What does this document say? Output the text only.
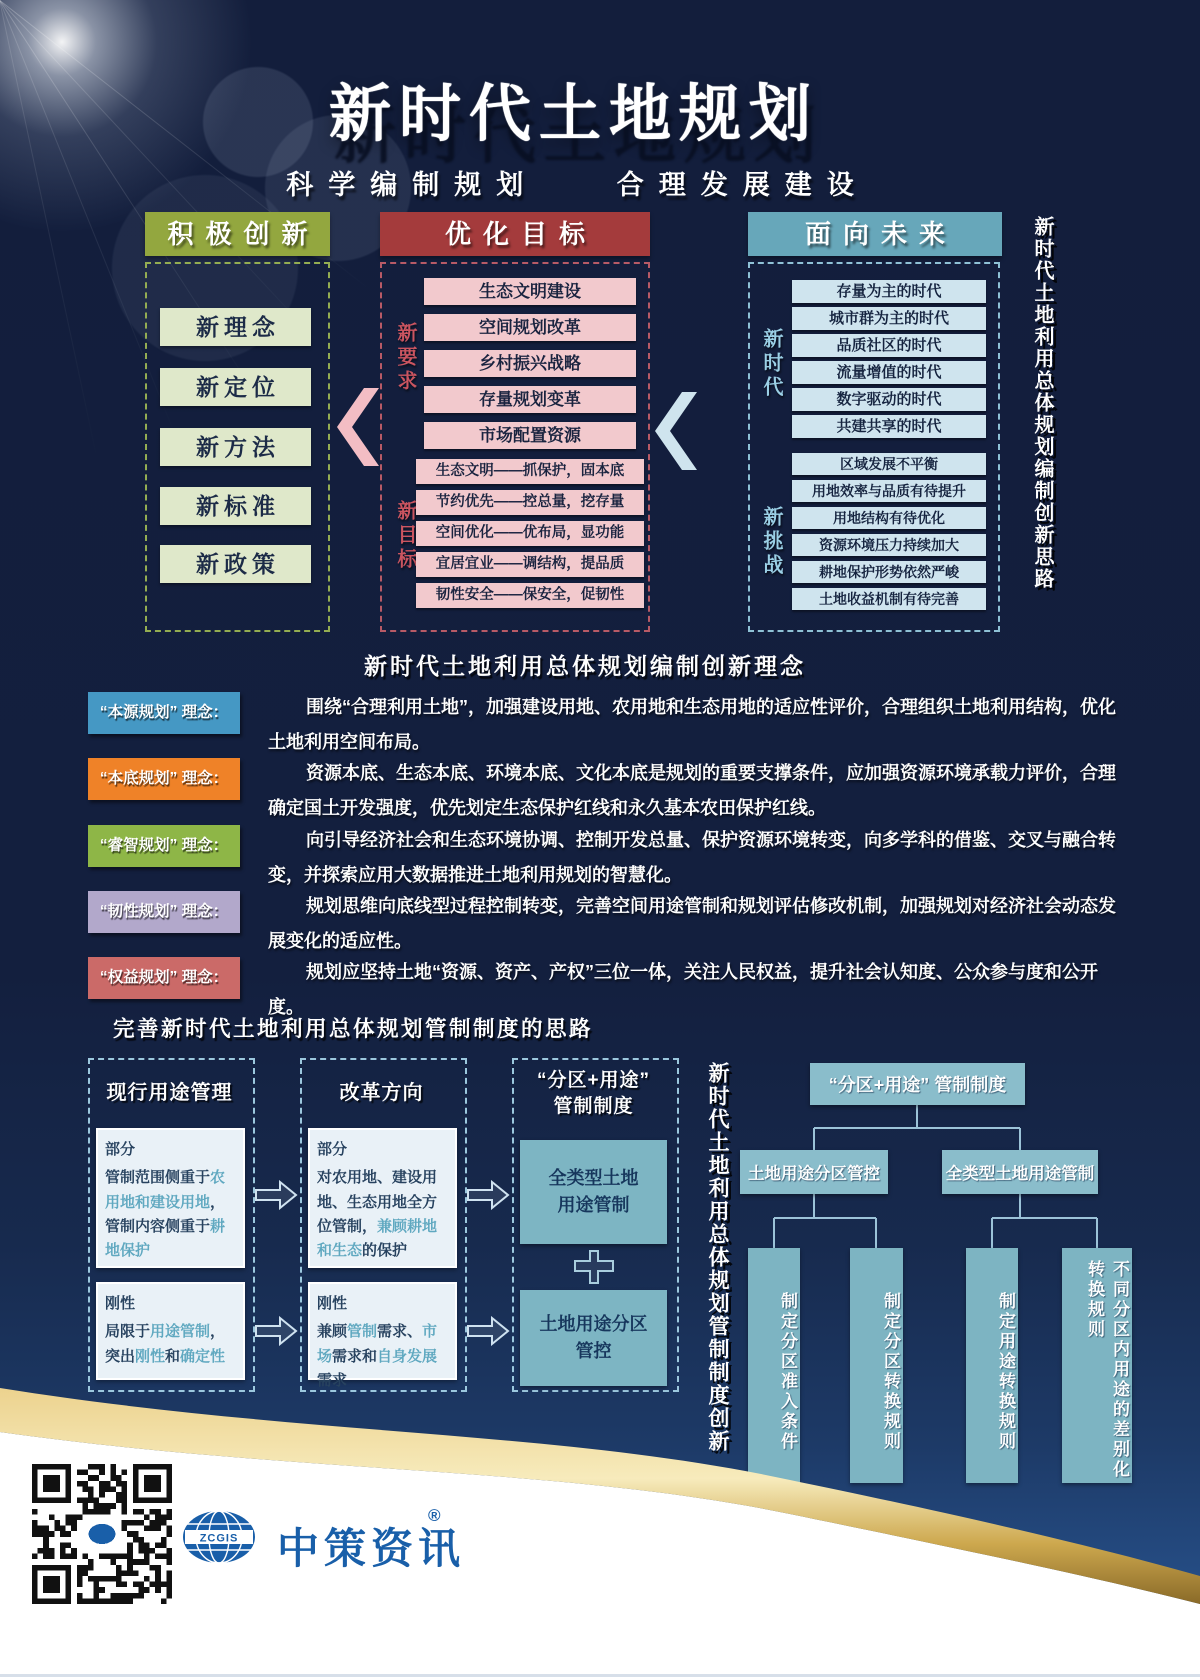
新时代土地规划
科学编制规划	合理发展建设
积极创新
新理念
新定位
新方法
新标准
新政策
优化目标
新要求
生态文明建设
空间规划改革
乡村振兴战略
存量规划变革
市场配置资源
新目标
生态文明——抓保护，固本底
节约优先——控总量，挖存量
空间优化——优布局，显功能
宜居宜业——调结构，提品质
韧性安全——保安全，促韧性
面向未来
新时代
存量为主的时代
城市群为主的时代
品质社区的时代
流量增值的时代
数字驱动的时代
共建共享的时代
新挑战
区域发展不平衡
用地效率与品质有待提升
用地结构有待优化
资源环境压力持续加大
耕地保护形势依然严峻
土地收益机制有待完善
新时代土地利用总体规划编制创新思路
新时代土地利用总体规划编制创新理念
“本源规划” 理念：	围绕“合理利用土地”，加强建设用地、农用地和生态用地的适应性评价，合理组织土地利用结构，优化土地利用空间布局。
“本底规划” 理念：	资源本底、生态本底、环境本底、文化本底是规划的重要支撑条件，应加强资源环境承载力评价，合理确定国土开发强度，优先划定生态保护红线和永久基本农田保护红线。
“睿智规划” 理念：	向引导经济社会和生态环境协调、控制开发总量、保护资源环境转变，向多学科的借鉴、交叉与融合转变，并探索应用大数据推进土地利用规划的智慧化。
“韧性规划” 理念：	规划思维向底线型过程控制转变，完善空间用途管制和规划评估修改机制，加强规划对经济社会动态发展变化的适应性。
“权益规划” 理念：	规划应坚持土地“资源、资产、产权”三位一体，关注人民权益，提升社会认知度、公众参与度和公开度。
完善新时代土地利用总体规划管制制度的思路
现行用途管理
部分
管制范围侧重于农用地和建设用地，管制内容侧重于耕地保护
刚性
局限于用途管制，突出刚性和确定性
改革方向
部分
对农用地、建设用地、生态用地全方位管制，兼顾耕地和生态的保护
刚性
兼顾管制需求、市场需求和自身发展需求
“分区+用途”
管制制度
全类型土地
用途管制
土地用途分区
管控	新时代土地利用总体规划管制制度创新	“分区+用途” 管制制度
土地用途分区管控	全类型土地用途管制
制定分区准入条件	制定分区转换规则	制定用途转换规则	不同分区内用途的差别化转换规则
ZCGIS 中策资讯
®
